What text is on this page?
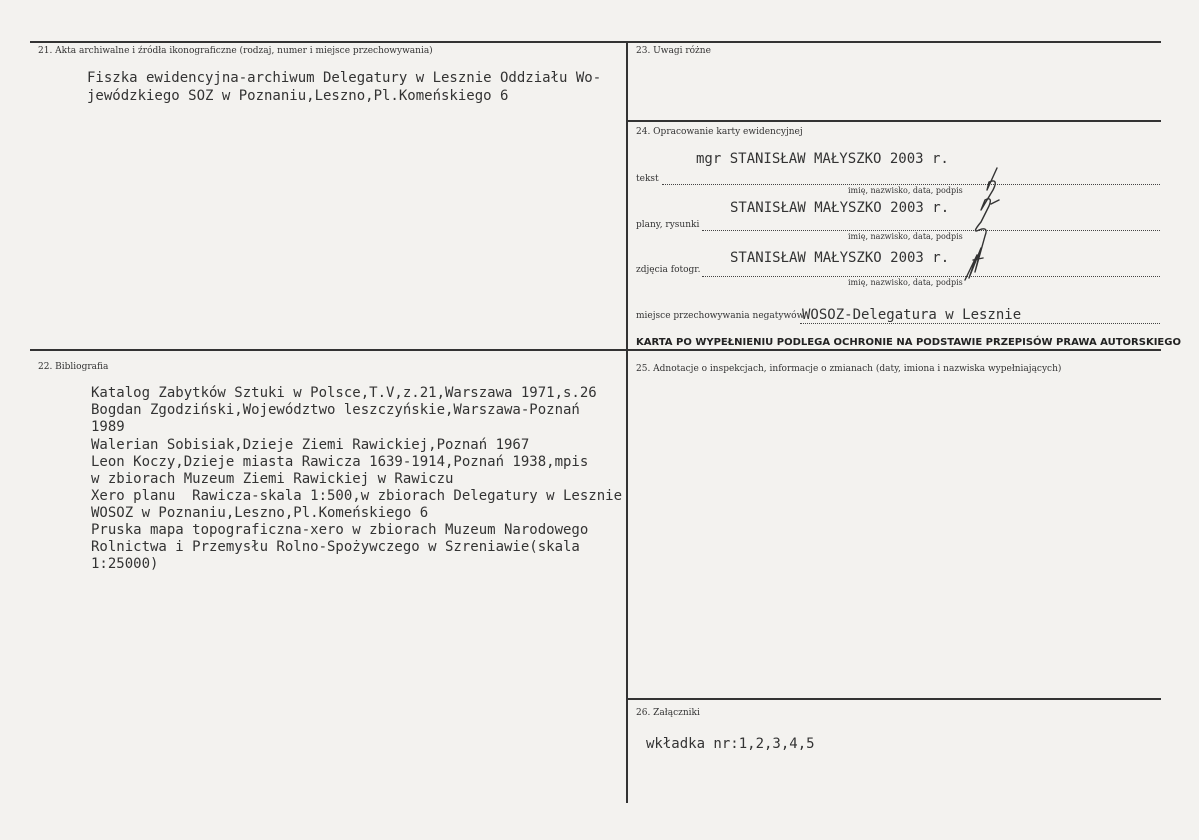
21. Akta archiwalne i źródła ikonograficzne (rodzaj, numer i miejsce przechowywania)
Fiszka ewidencyjna-archiwum Delegatury w Lesznie Oddziału Wo-
jewódzkiego SOZ w Poznaniu,Leszno,Pl.Komeńskiego 6
23. Uwagi różne
24. Opracowanie karty ewidencyjnej
mgr STANISŁAW MAŁYSZKO 2003 r.
tekst
imię, nazwisko, data, podpis
STANISŁAW MAŁYSZKO 2003 r.
plany, rysunki
imię, nazwisko, data, podpis
STANISŁAW MAŁYSZKO 2003 r.
zdjęcia fotogr.
imię, nazwisko, data, podpis
miejsce przechowywania negatywów
WOSOZ-Delegatura w Lesznie
KARTA PO WYPEŁNIENIU PODLEGA OCHRONIE NA PODSTAWIE PRZEPISÓW PRAWA AUTORSKIEGO
22. Bibliografia
Katalog Zabytków Sztuki w Polsce,T.V,z.21,Warszawa 1971,s.26
Bogdan Zgodziński,Województwo leszczyńskie,Warszawa-Poznań
1989
Walerian Sobisiak,Dzieje Ziemi Rawickiej,Poznań 1967
Leon Koczy,Dzieje miasta Rawicza 1639-1914,Poznań 1938,mpis
w zbiorach Muzeum Ziemi Rawickiej w Rawiczu
Xero planu  Rawicza-skala 1:500,w zbiorach Delegatury w Lesznie
WOSOZ w Poznaniu,Leszno,Pl.Komeńskiego 6
Pruska mapa topograficzna-xero w zbiorach Muzeum Narodowego
Rolnictwa i Przemysłu Rolno-Spożywczego w Szreniawie(skala
1:25000)
25. Adnotacje o inspekcjach, informacje o zmianach (daty, imiona i nazwiska wypełniających)
26. Załączniki
wkładka nr:1,2,3,4,5
